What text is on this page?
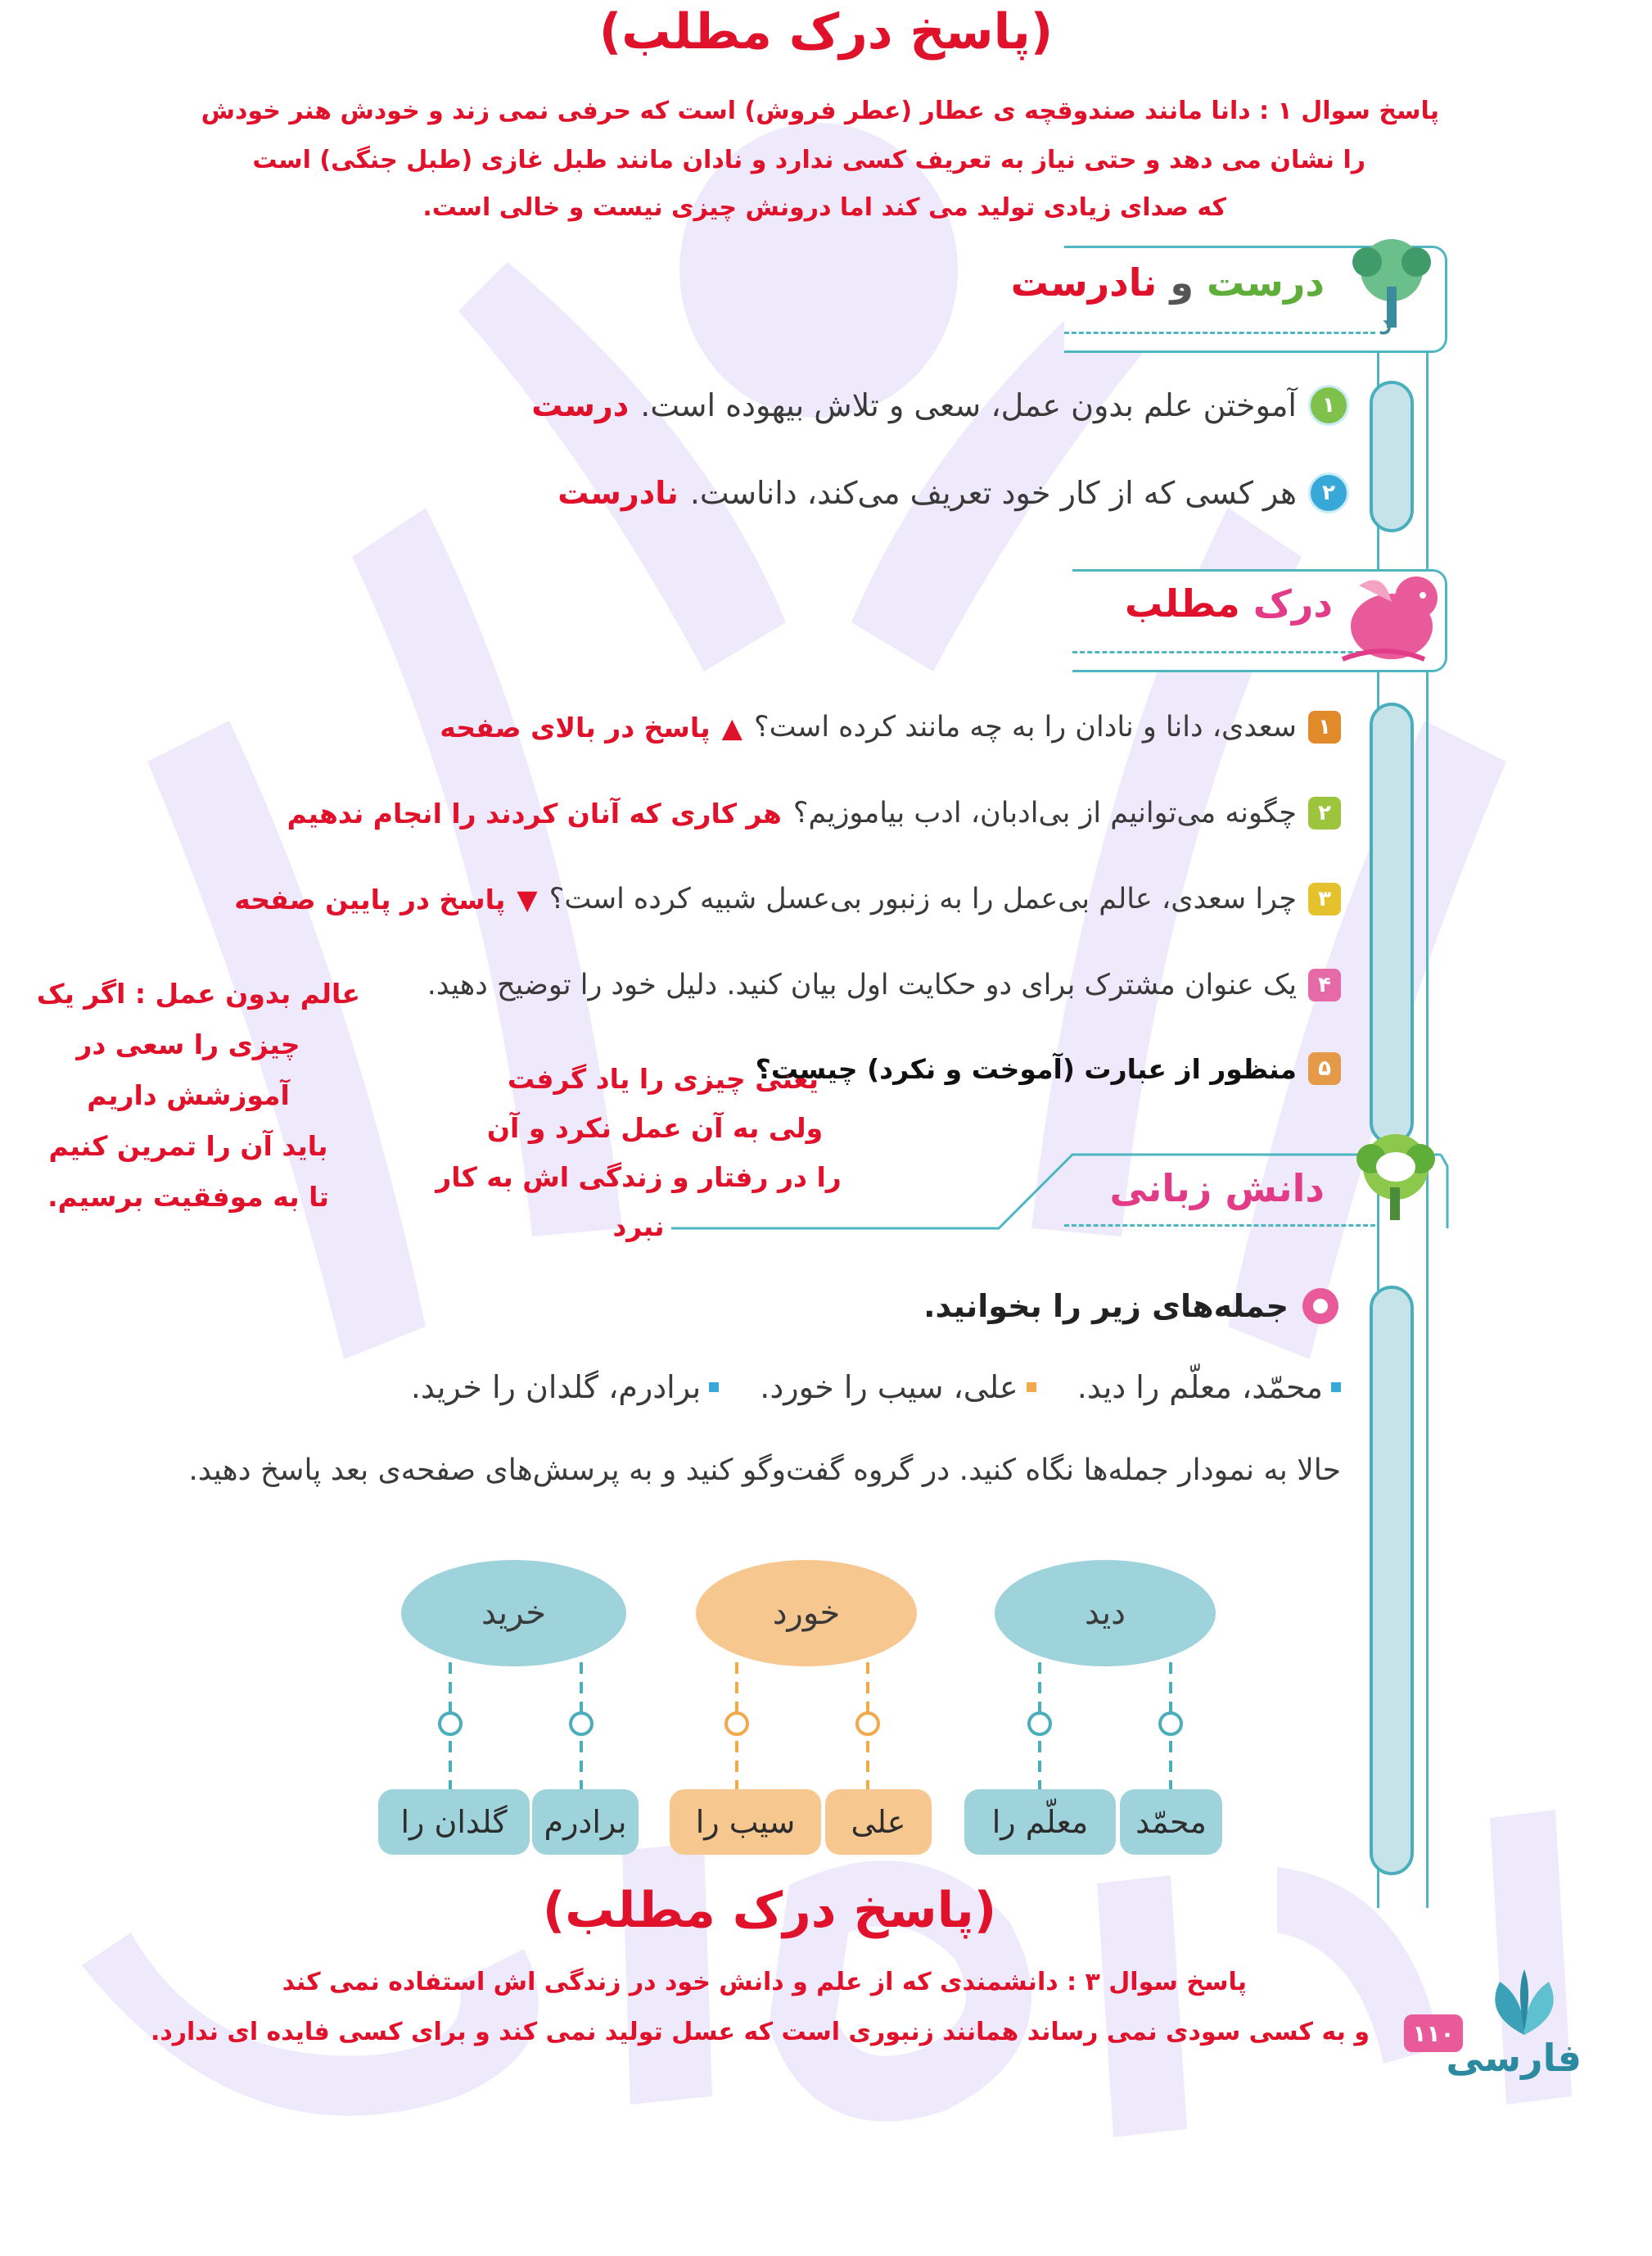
(پاسخ درک مطلب)
پاسخ سوال ۱ : دانا مانند صندوقچه ی عطار (عطر فروش) است که حرفی نمی زند و خودش هنر خودش
را نشان می دهد و حتی نیاز به تعریف کسی ندارد و نادان مانند طبل غازی (طبل جنگی) است
که صدای زیادی تولید می کند اما درونش چیزی نیست و خالی است.
د
درست و نادرست
۱
آموختن علم بدون عمل، سعی و تلاش بیهوده است.
درست
۲
هر کسی که از کار خود تعریف می‌کند، داناست.
نادرست
درک مطلب
۱
سعدی، دانا و نادان را به چه مانند کرده است؟
▲
پاسخ در بالای صفحه
۲
چگونه می‌توانیم از بی‌ادبان، ادب بیاموزیم؟
هر کاری که آنان کردند را انجام ندهیم
۳
چرا سعدی، عالم بی‌عمل را به زنبور بی‌عسل شبیه کرده است؟
▼
پاسخ در پایین صفحه
۴
یک عنوان مشترک برای دو حکایت اول بیان کنید. دلیل خود را توضیح دهید.
عالم بدون عمل : اگر یک
چیزی را سعی در
آموزشش داریم
باید آن را تمرین کنیم
تا به موفقیت برسیم.
۵
منظور از عبارت (آموخت و نکرد) چیست؟
یعنی چیزی را یاد گرفت
ولی به آن عمل نکرد و آن
را در رفتار و زندگی اش به کار نبرد
دانش زبانی
جمله‌های زیر را بخوانید.
محمّد، معلّم را دید.
علی، سیب را خورد.
برادرم، گلدان را خرید.
حالا به نمودار جمله‌ها نگاه کنید. در گروه گفت‌وگو کنید و به پرسش‌های صفحه‌ی بعد پاسخ دهید.
دید
خورد
خرید
محمّد
معلّم را
علی
سیب را
برادرم
گلدان را
(پاسخ درک مطلب)
پاسخ سوال ۳ : دانشمندی که از علم و دانش خود در زندگی اش استفاده نمی کند
و به کسی سودی نمی رساند همانند زنبوری است که عسل تولید نمی کند و برای کسی فایده ای ندارد. ۱۱۰
فارسی
